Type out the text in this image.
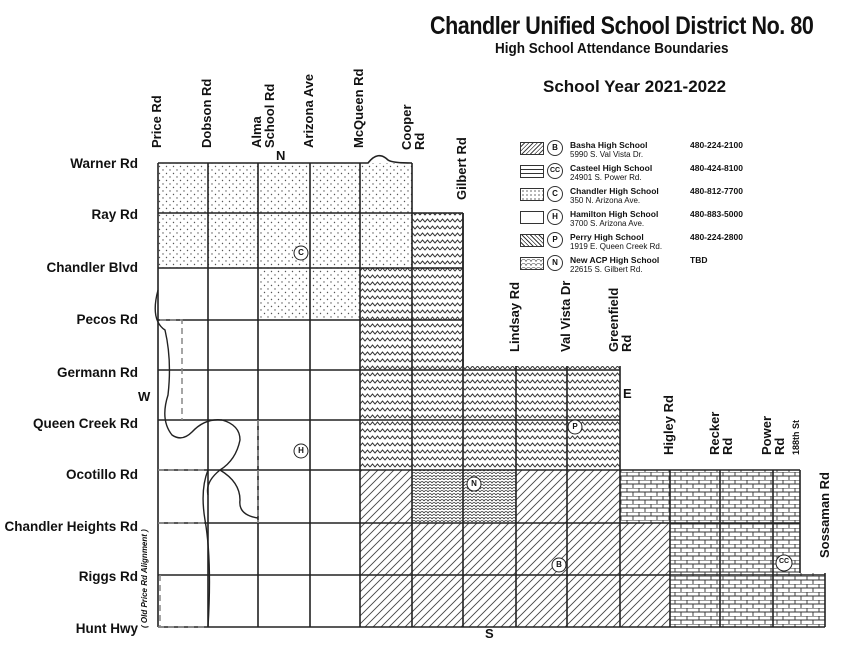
Chandler Unified School District No. 80
High School Attendance Boundaries
School Year 2021-2022
C
H
P
N
B	CC
N
S
E
W
Warner Rd
Ray Rd
Chandler Blvd
Pecos Rd
Germann Rd
Queen Creek Rd
Ocotillo Rd
Chandler Heights Rd
Riggs Rd
Hunt Hwy
Price Rd	Dobson Rd	Alma School Rd Arizona Ave	McQueen Rd	Cooper Rd Gilbert Rd
Lindsay Rd	Val Vista Dr	Greenfield Rd
Higley Rd Recker Rd Power Rd 188th St
Sossaman Rd
( Old Price Rd Alignment )
B	Basha High School
5990 S. Val Vista Dr.
480-224-2100
CC	Casteel High School
24901 S. Power Rd.
480-424-8100
C	Chandler High School
350 N. Arizona Ave.
480-812-7700
H	Hamilton High School
3700 S. Arizona Ave.
480-883-5000
P	Perry High School
1919 E. Queen Creek Rd.
480-224-2800
N	New ACP High School
22615 S. Gilbert Rd.
TBD
